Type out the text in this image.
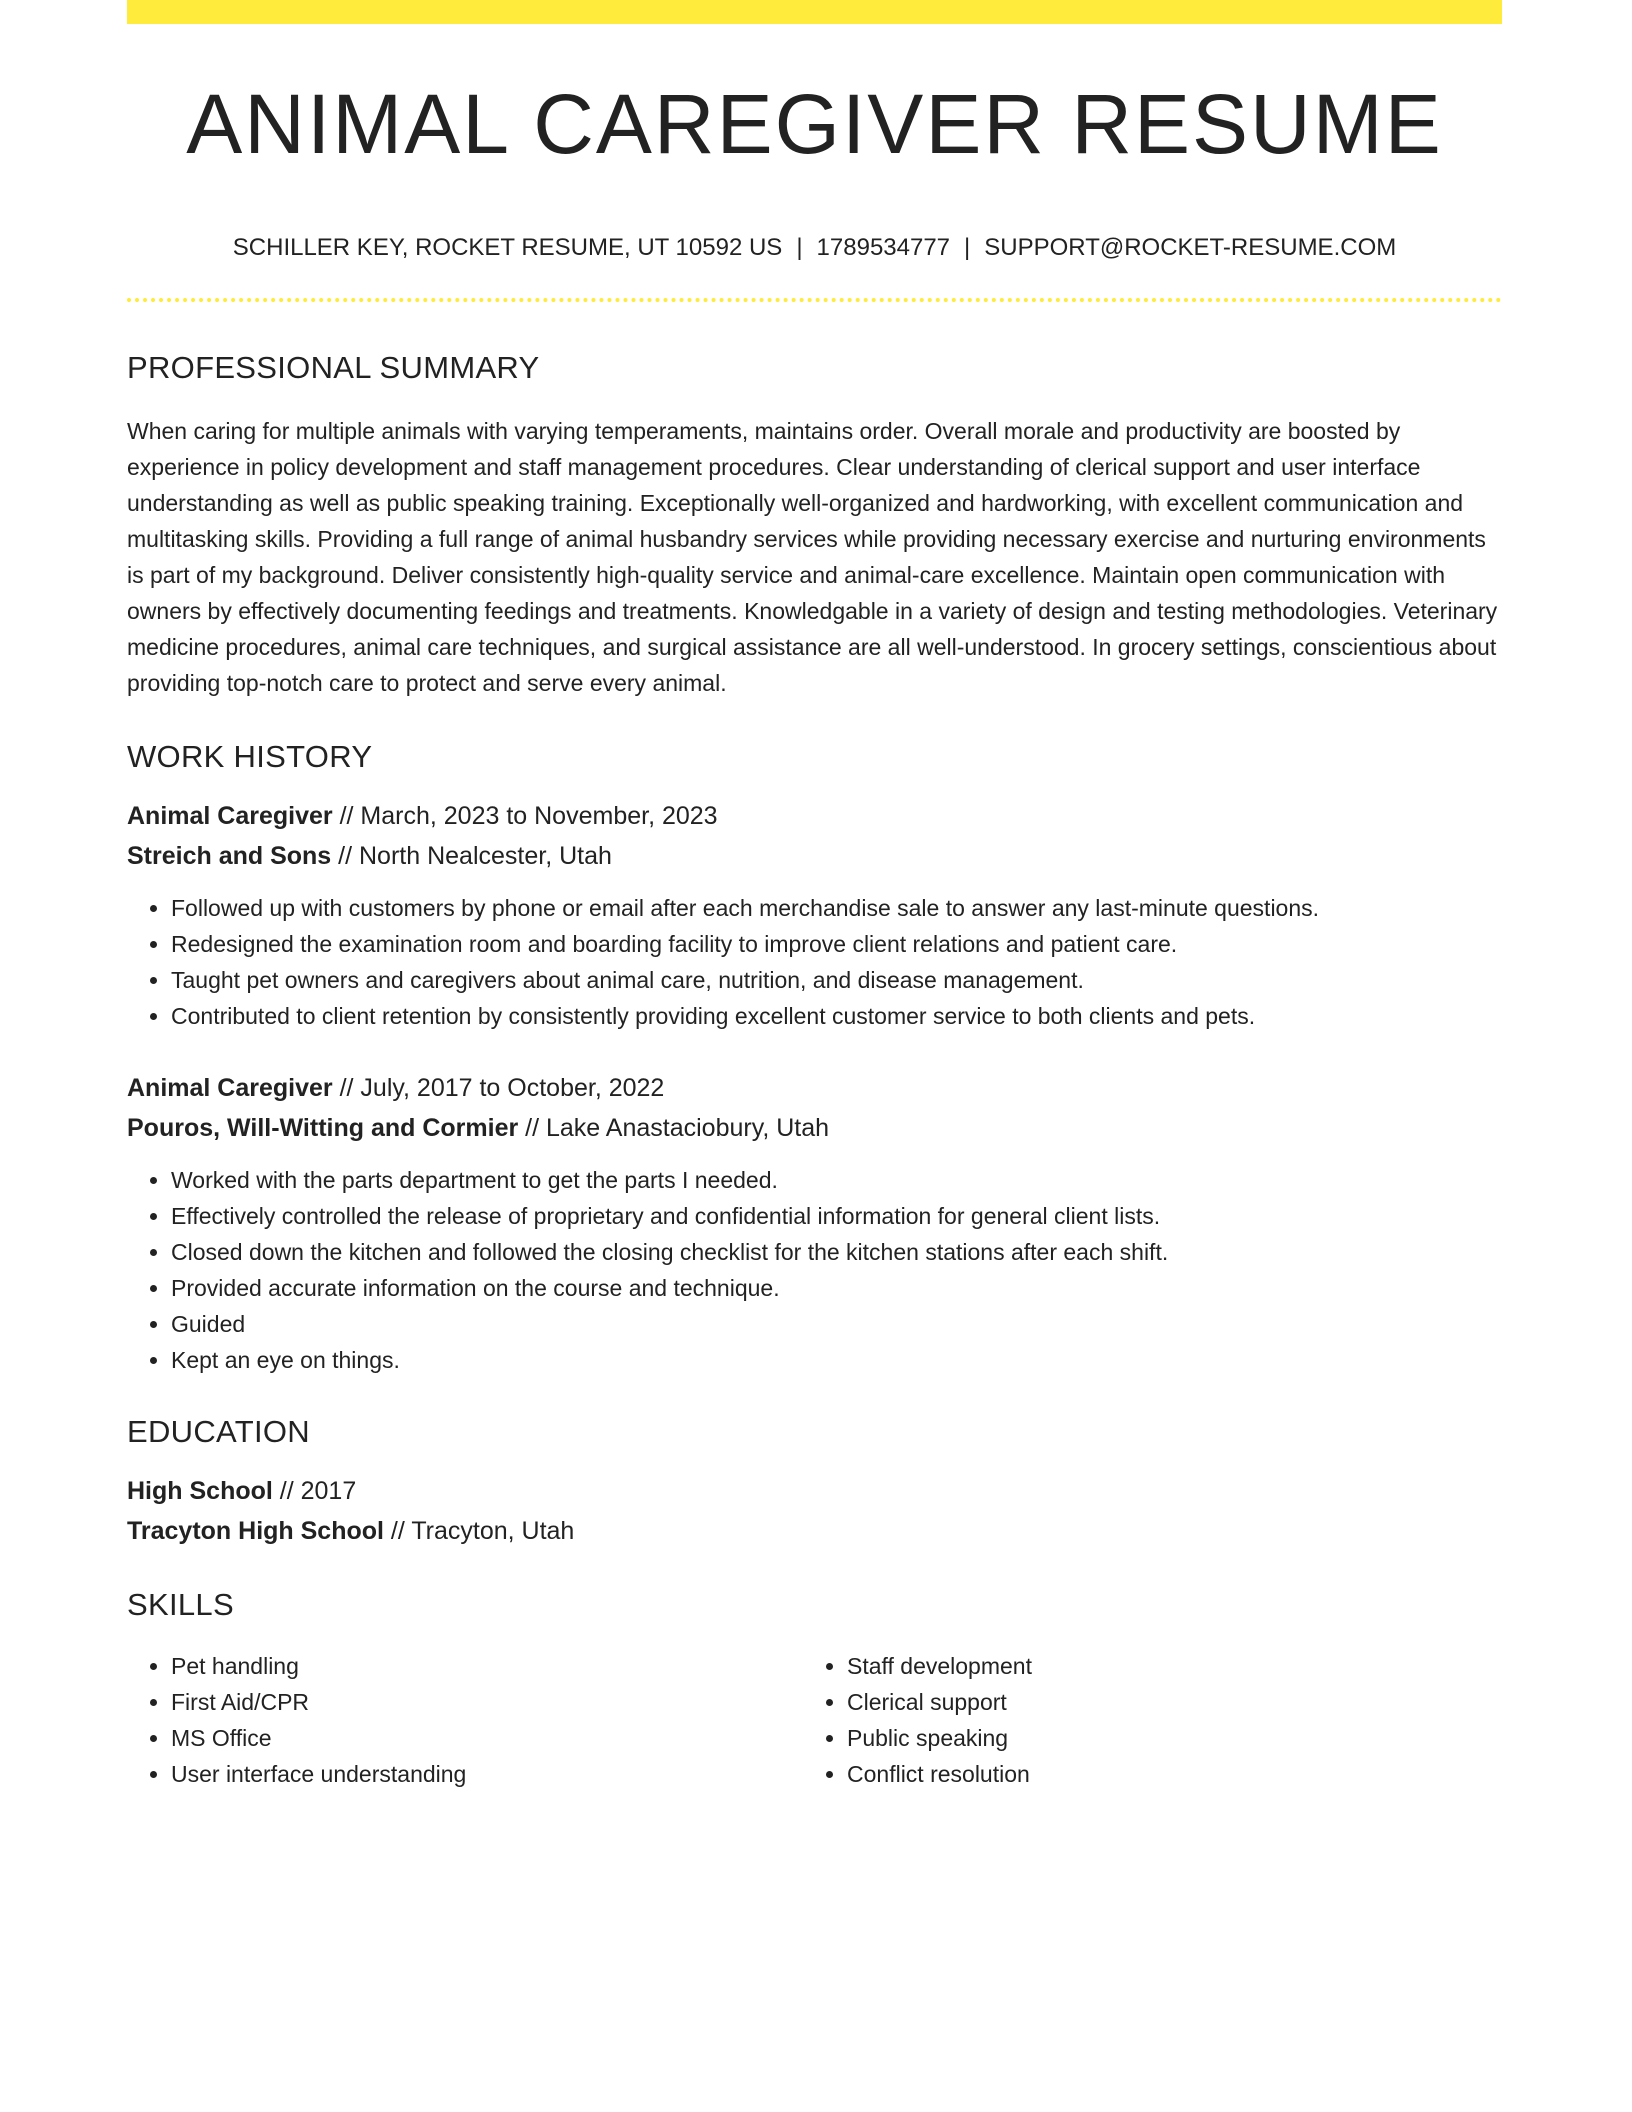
ANIMAL CAREGIVER RESUME
SCHILLER KEY, ROCKET RESUME, UT 10592 US | 1789534777 | SUPPORT@ROCKET-RESUME.COM
PROFESSIONAL SUMMARY

When caring for multiple animals with varying temperaments, maintains order. Overall morale and productivity are boosted by experience in policy development and staff management procedures. Clear understanding of clerical support and user interface understanding as well as public speaking training. Exceptionally well-organized and hardworking, with excellent communication and multitasking skills. Providing a full range of animal husbandry services while providing necessary exercise and nurturing environments is part of my background. Deliver consistently high-quality service and animal-care excellence. Maintain open communication with owners by effectively documenting feedings and treatments. Knowledgable in a variety of design and testing methodologies. Veterinary medicine procedures, animal care techniques, and surgical assistance are all well-understood. In grocery settings, conscientious about providing top-notch care to protect and serve every animal.

WORK HISTORY
Animal Caregiver // March, 2023 to November, 2023
Streich and Sons // North Nealcester, Utah
• Followed up with customers by phone or email after each merchandise sale to answer any last-minute questions.
• Redesigned the examination room and boarding facility to improve client relations and patient care.
• Taught pet owners and caregivers about animal care, nutrition, and disease management.
• Contributed to client retention by consistently providing excellent customer service to both clients and pets.
Animal Caregiver // July, 2017 to October, 2022
Pouros, Will-Witting and Cormier // Lake Anastaciobury, Utah
• Worked with the parts department to get the parts I needed.
• Effectively controlled the release of proprietary and confidential information for general client lists.
• Closed down the kitchen and followed the closing checklist for the kitchen stations after each shift.
• Provided accurate information on the course and technique.
• Guided
• Kept an eye on things.
EDUCATION
High School // 2017
Tracyton High School // Tracyton, Utah
SKILLS
• Pet handling
• First Aid/CPR
• MS Office
• User interface understanding
• Staff development
• Clerical support
• Public speaking
• Conflict resolution
